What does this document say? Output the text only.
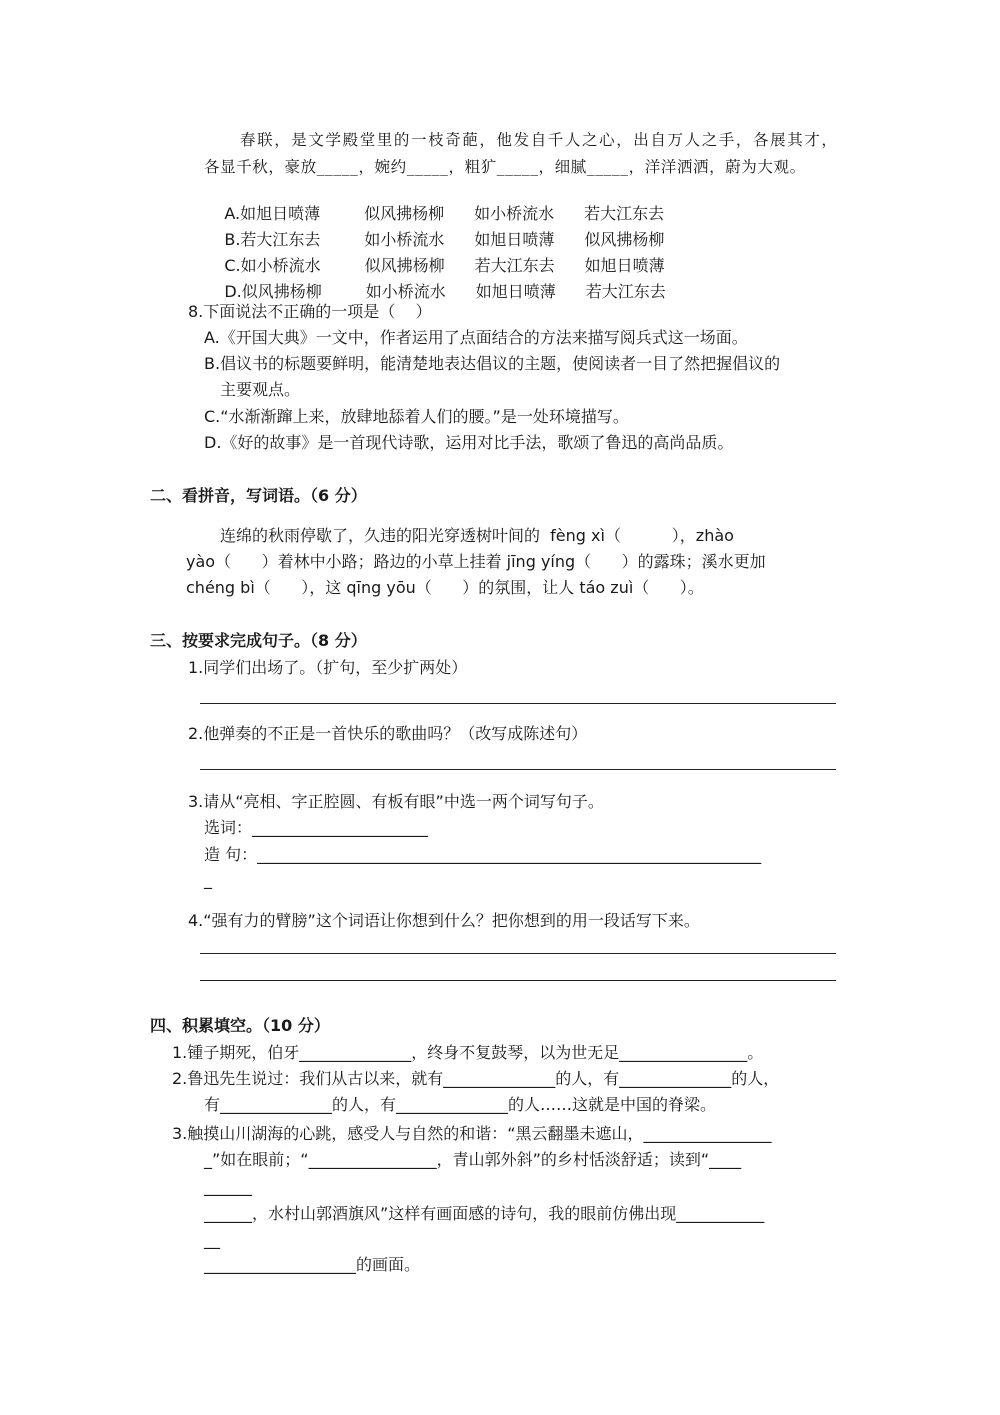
春联，是文学殿堂里的一枝奇葩，他发自千人之心，出自万人之手，各展其才，
各显千秋，豪放_____，婉约_____，粗犷_____，细腻_____，洋洋洒洒，蔚为大观。

A.如旭日喷薄	似风拂杨柳 如小桥流水 若大江东去

B.若大江东去	如小桥流水 如旭日喷薄 似风拂杨柳

C.如小桥流水	似风拂杨柳 若大江东去 如旭日喷薄

D.似风拂杨柳	如小桥流水 如旭日喷薄 若大江东去

8.下面说法不正确的一项是（    ）
A.《开国大典》一文中，作者运用了点面结合的方法来描写阅兵式这一场面。
B.倡议书的标题要鲜明，能清楚地表达倡议的主题，使阅读者一目了然把握倡议的
主要观点。
C.“水渐渐蹿上来，放肆地舔着人们的腰。”是一处环境描写。
D.《好的故事》是一首现代诗歌，运用对比手法，歌颂了鲁迅的高尚品质。
二、看拼音，写词语。（6 分）
连绵的秋雨停歇了，久违的阳光穿透树叶间的  fèng xì（          ），zhào
yào（      ）着林中小路；路边的小草上挂着 jīng yíng（      ）的露珠；溪水更加
chéng bì（      ），这 qīng yōu（      ）的氛围，让人 táo zuì（      ）。
三、按要求完成句子。（8 分）
1.同学们出场了。（扩句，至少扩两处）
2.他弹奏的不正是一首快乐的歌曲吗？（改写成陈述句）
3.请从“亮相、字正腔圆、有板有眼”中选一两个词写句子。
选词：______________________
造 句：_______________________________________________________________
_
4.“强有力的臂膀”这个词语让你想到什么？把你想到的用一段话写下来。
四、积累填空。（10 分）
1.锺子期死，伯牙______________，终身不复鼓琴，以为世无足________________。
2.鲁迅先生说过：我们从古以来，就有______________的人，有______________的人，
有______________的人，有______________的人……这就是中国的脊梁。
3.触摸山川湖海的心跳，感受人与自然的和谐：“黑云翻墨未遮山，________________
_”如在眼前；“________________，青山郭外斜”的乡村恬淡舒适；读到“____
______
______，水村山郭酒旗风”这样有画面感的诗句，我的眼前仿佛出现___________
__
___________________的画面。
